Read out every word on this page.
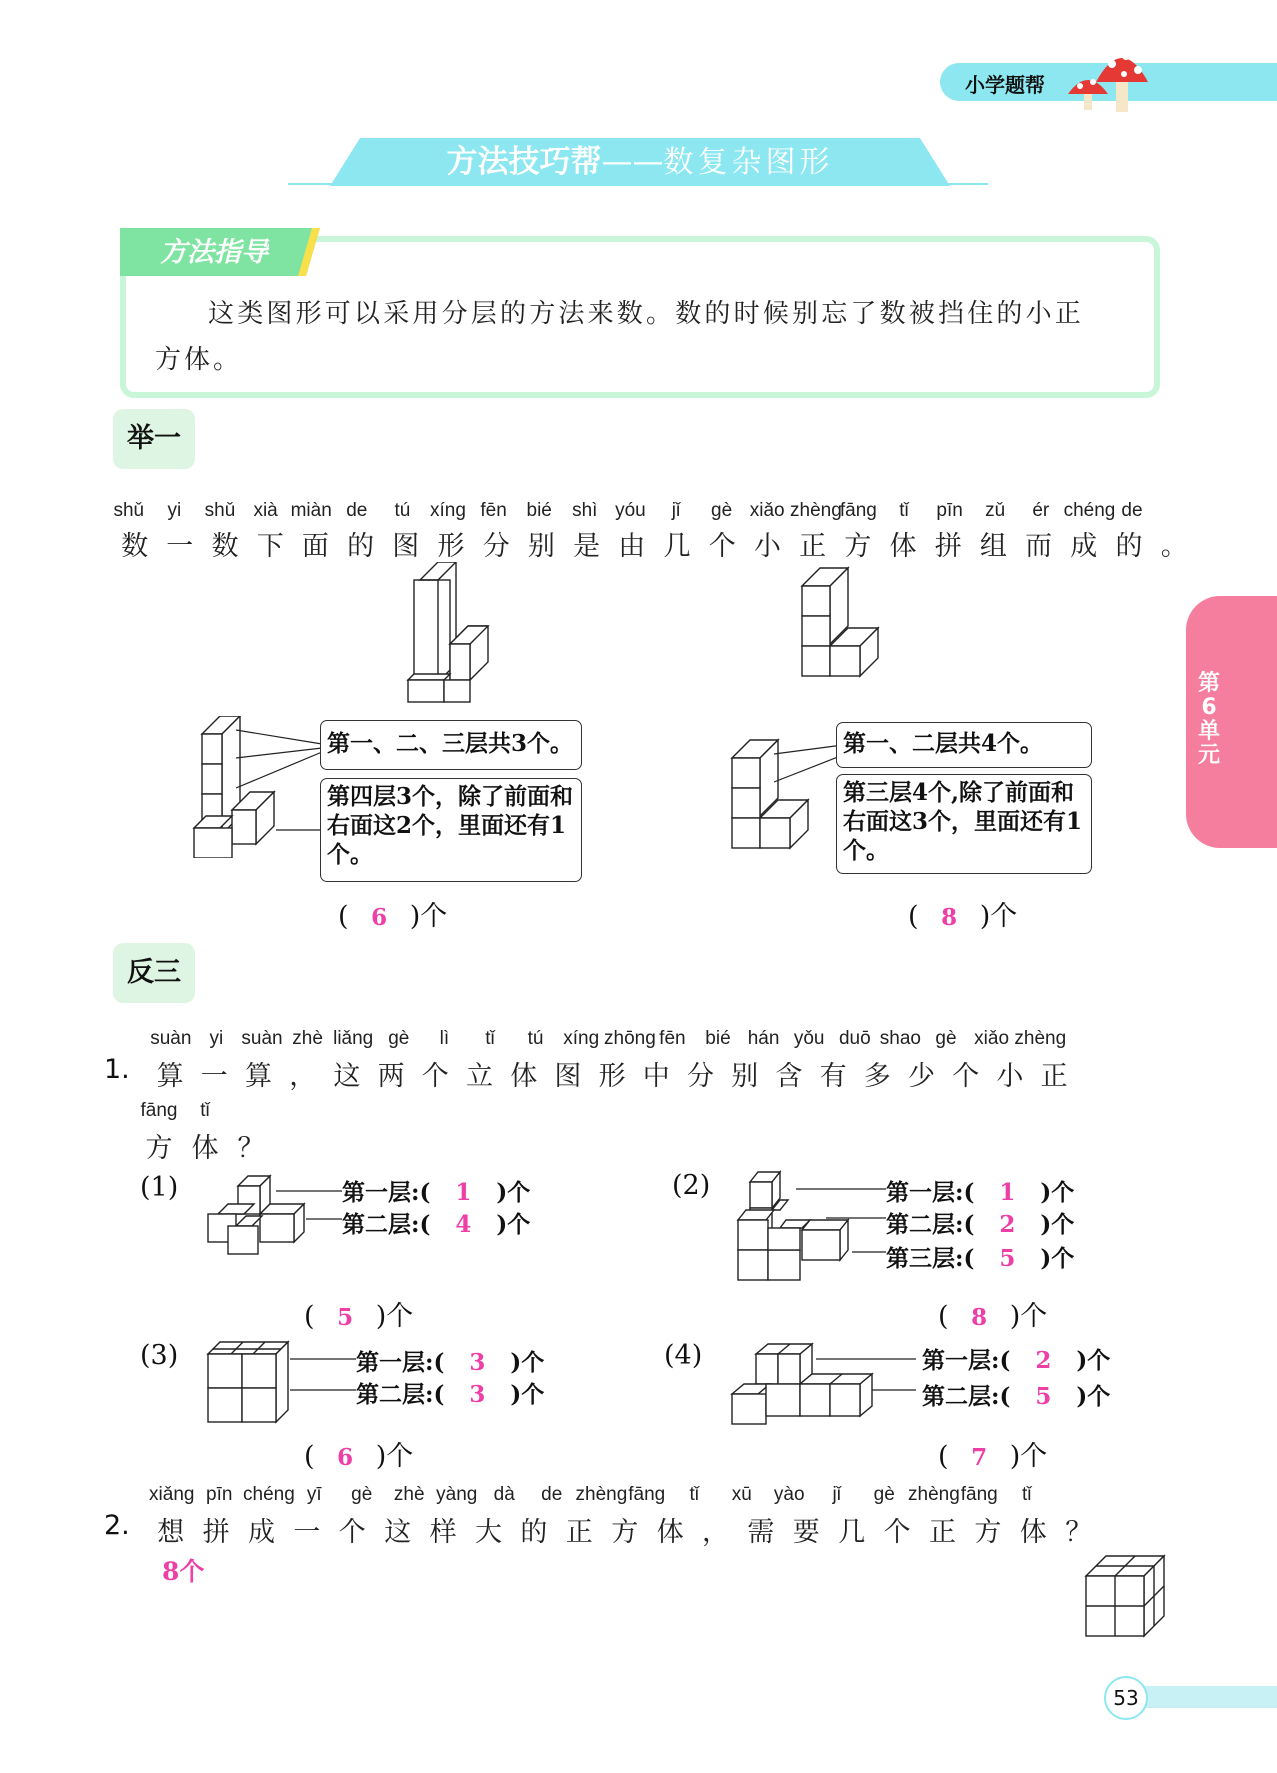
小学题帮
方法技巧帮——数复杂图形
方法指导
这类图形可以采用分层的方法来数。数的时候别忘了数被挡住的小正
方体。
第
6
单
元
举一
shǔ	yi	shǔ xià miàn de	tú	xíng fēn	bié	shì yóu	jǐ	gè xiǎo zhèng
fāng	tǐ	pīn	zǔ	ér chéng de
数 一 数 下 面 的 图 形 分 别 是 由 几 个 小 正 方 体 拼 组 而 成 的 。
第一、二、三层共3个。
第四层3个，除了前面和右面这2个，里面还有1个。
( 6 )个
第一、二层共4个。
第三层4个,除了前面和右面这3个，里面还有1个。
( 8 )个
反三
1.
suàn yi suàn zhè liǎng gè	lì	tǐ	tú	xíng zhōng fēn	bié hán yǒu duō shao gè xiǎo zhèng
算 一 算 ， 这 两 个 立 体 图 形 中 分 别 含 有 多 少 个 小 正
fāng	tǐ
方 体 ？
(1)	第一层:( 1 )个
第二层:( 4 )个
( 5 )个
(2)	第一层:( 1 )个
第二层:( 2 )个
第三层:( 5 )个
( 8 )个
(3)	第一层:( 3 )个
第二层:( 3 )个
( 6 )个
(4)	第一层:( 2 )个
第二层:( 5 )个
( 7 )个
2.
xiǎng pīn chéng yī	gè	zhè yàng dà	de zhèng fāng	tǐ	xū	yào	jǐ	gè zhèng fāng	tǐ
想 拼 成 一 个 这 样 大 的 正 方 体 ， 需 要 几 个 正 方 体 ？
8个
53
